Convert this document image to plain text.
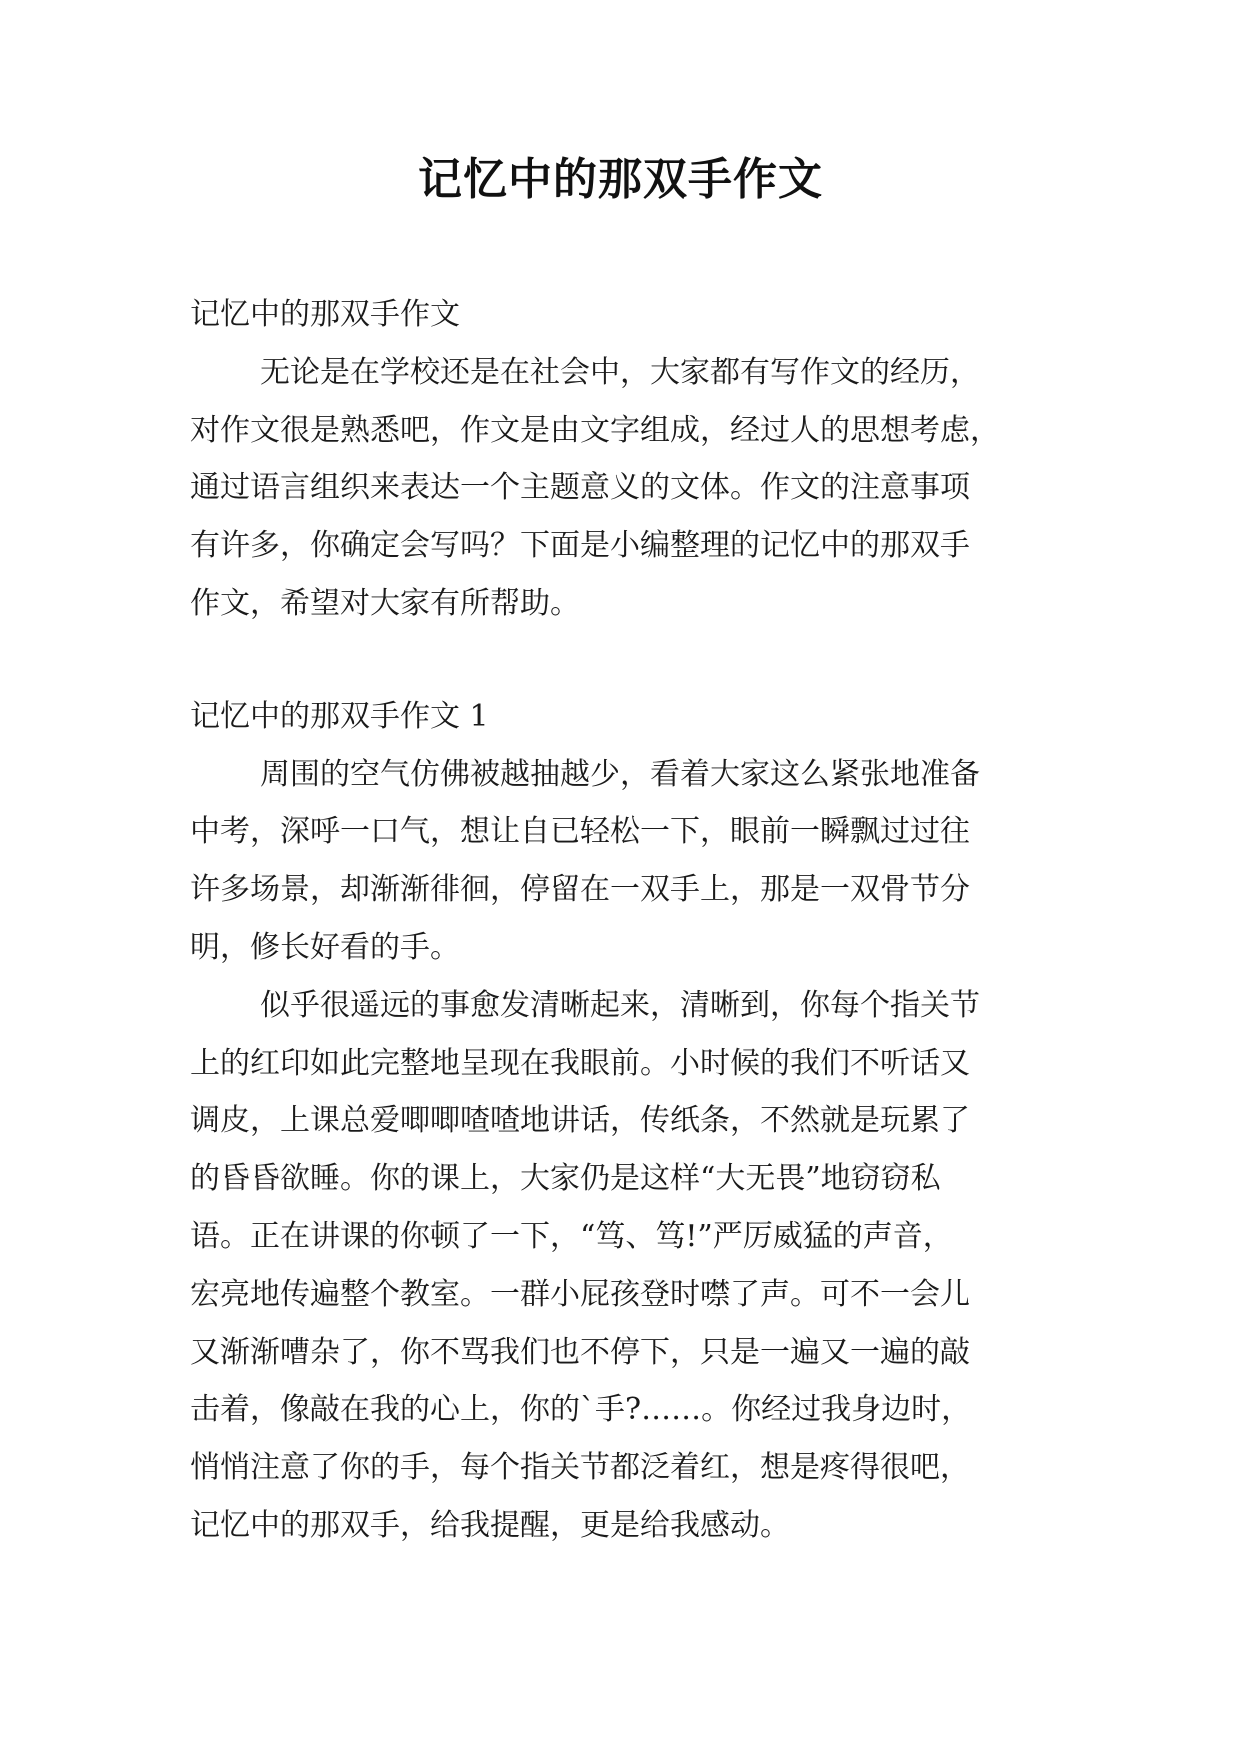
记忆中的那双手作文
记忆中的那双手作文
无论是在学校还是在社会中，大家都有写作文的经历，
对作文很是熟悉吧，作文是由文字组成，经过人的思想考虑，
通过语言组织来表达一个主题意义的文体。作文的注意事项
有许多，你确定会写吗？下面是小编整理的记忆中的那双手
作文，希望对大家有所帮助。
记忆中的那双手作文 1
周围的空气仿佛被越抽越少，看着大家这么紧张地准备
中考，深呼一口气，想让自已轻松一下，眼前一瞬飘过过往
许多场景，却渐渐徘徊，停留在一双手上，那是一双骨节分
明，修长好看的手。
似乎很遥远的事愈发清晰起来，清晰到，你每个指关节
上的红印如此完整地呈现在我眼前。小时候的我们不听话又
调皮，上课总爱唧唧喳喳地讲话，传纸条，不然就是玩累了
的昏昏欲睡。你的课上，大家仍是这样“大无畏”地窃窃私
语。正在讲课的你顿了一下，“笃、笃!”严厉威猛的声音，
宏亮地传遍整个教室。一群小屁孩登时噤了声。可不一会儿
又渐渐嘈杂了，你不骂我们也不停下，只是一遍又一遍的敲
击着，像敲在我的心上，你的`手?……。你经过我身边时，
悄悄注意了你的手，每个指关节都泛着红，想是疼得很吧，
记忆中的那双手，给我提醒，更是给我感动。
